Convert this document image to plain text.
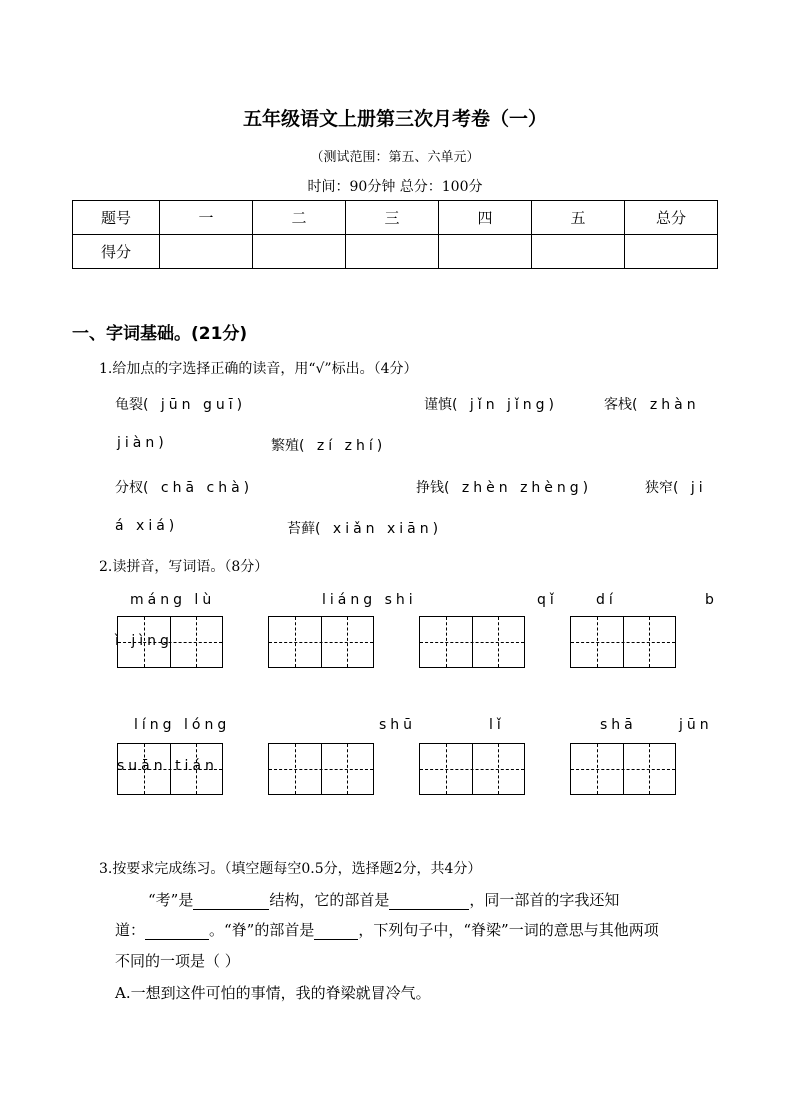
五年级语文上册第三次月考卷（一）
（测试范围：第五、六单元）
时间：90分钟 总分：100分
题号	一	二	三	四	五	总分
得分						
一、字词基础。(21分)
1.给加点的字选择正确的读音，用“√”标出。（4分）
龟裂( jūn guī)	谨慎( jǐn jǐng)	客栈( zhàn
jiàn)	繁殖( zí zhí)
分杈( chā chà)	挣钱( zhèn zhèng)	狭窄( ji
á xiá)	苔藓( xiǎn xiān)
2.读拼音，写词语。（8分）
máng lù	liáng shi	qǐ	dí	b
ì jìng
líng lóng	shū	lǐ	shā	jūn
suān tián
3.按要求完成练习。（填空题每空0.5分，选择题2分，共4分）
“考”是	结构，它的部首是	，同一部首的字我还知
道：	。“脊”的部首是	，下列句子中，“脊梁”一词的意思与其他两项
不同的一项是（ ）
A.一想到这件可怕的事情，我的脊梁就冒冷气。
